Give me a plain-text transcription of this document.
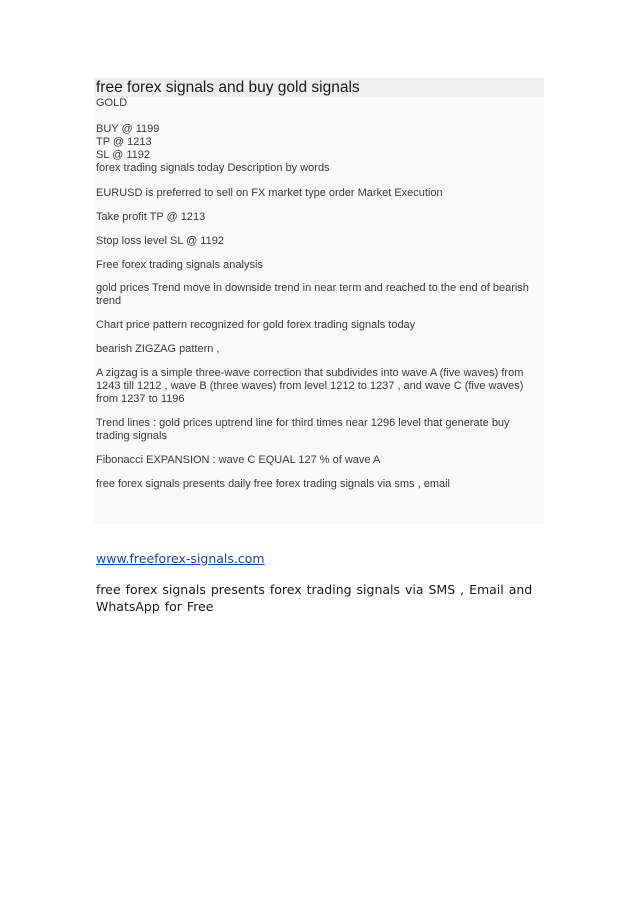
free forex signals and buy gold signals

GOLD

BUY @ 1199

TP @ 1213

SL @ 1192

forex trading signals today Description by words

EURUSD is preferred to sell on FX market type order Market Execution

Take profit TP @ 1213

Stop loss level SL @ 1192

Free forex trading signals analysis

gold prices Trend move in downside trend in near term and reached to the end of bearish trend

Chart price pattern recognized for gold forex trading signals today

bearish ZIGZAG pattern ,

A zigzag is a simple three-wave correction that subdivides into wave A (five waves) from 1243 till 1212 , wave B (three waves) from level 1212 to 1237 , and wave C (five waves) from 1237 to 1196

Trend lines : gold prices uptrend line for third times near 1296 level that generate buy trading signals

Fibonacci EXPANSION : wave C EQUAL 127 % of wave A

free forex signals presents daily free forex trading signals via sms , email

www.freeforex-signals.com

free forex signals presents forex trading signals via SMS , Email and WhatsApp for Free
